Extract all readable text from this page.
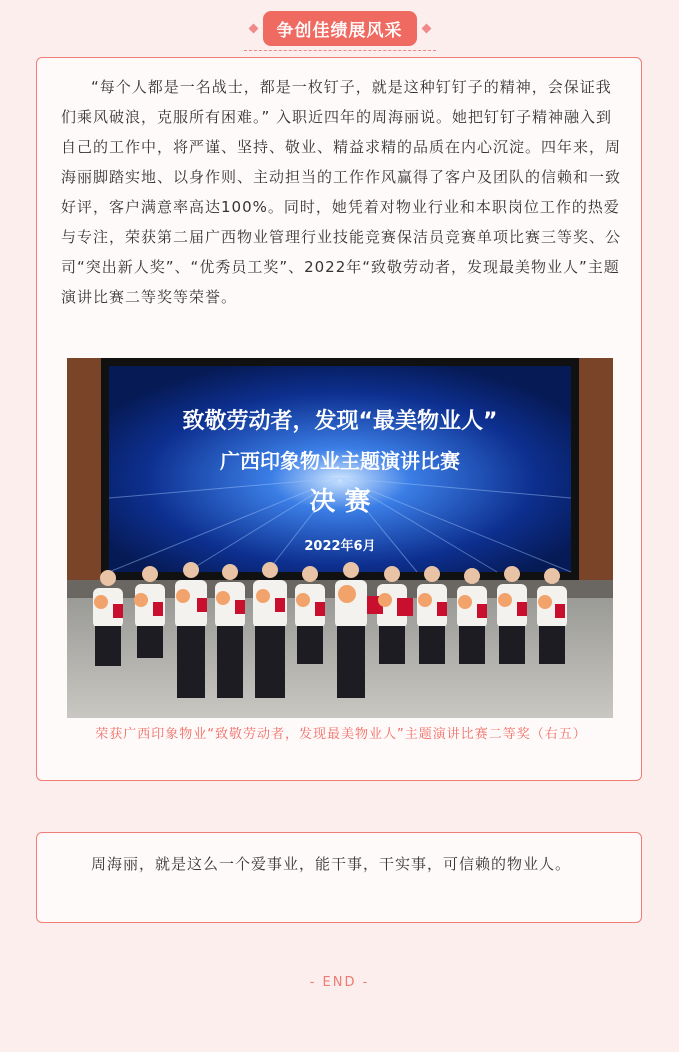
争创佳绩展风采

“每个人都是一名战士，都是一枚钉子，就是这种钉钉子的精神，会保证我们乘风破浪，克服所有困难。” 入职近四年的周海丽说。她把钉钉子精神融入到自己的工作中，将严谨、坚持、敬业、精益求精的品质在内心沉淀。四年来，周海丽脚踏实地、以身作则、主动担当的工作作风赢得了客户及团队的信赖和一致好评，客户满意率高达100%。同时，她凭着对物业行业和本职岗位工作的热爱与专注，荣获第二届广西物业管理行业技能竞赛保洁员竞赛单项比赛三等奖、公司“突出新人奖”、“优秀员工奖”、2022年“致敬劳动者，发现最美物业人”主题演讲比赛二等奖等荣誉。

致敬劳动者，发现“最美物业人”
广西印象物业主题演讲比赛
决 赛
2022年6月
荣获广西印象物业“致敬劳动者，发现最美物业人”主题演讲比赛二等奖（右五）

周海丽，就是这么一个爱事业，能干事，干实事，可信赖的物业人。

- END -
